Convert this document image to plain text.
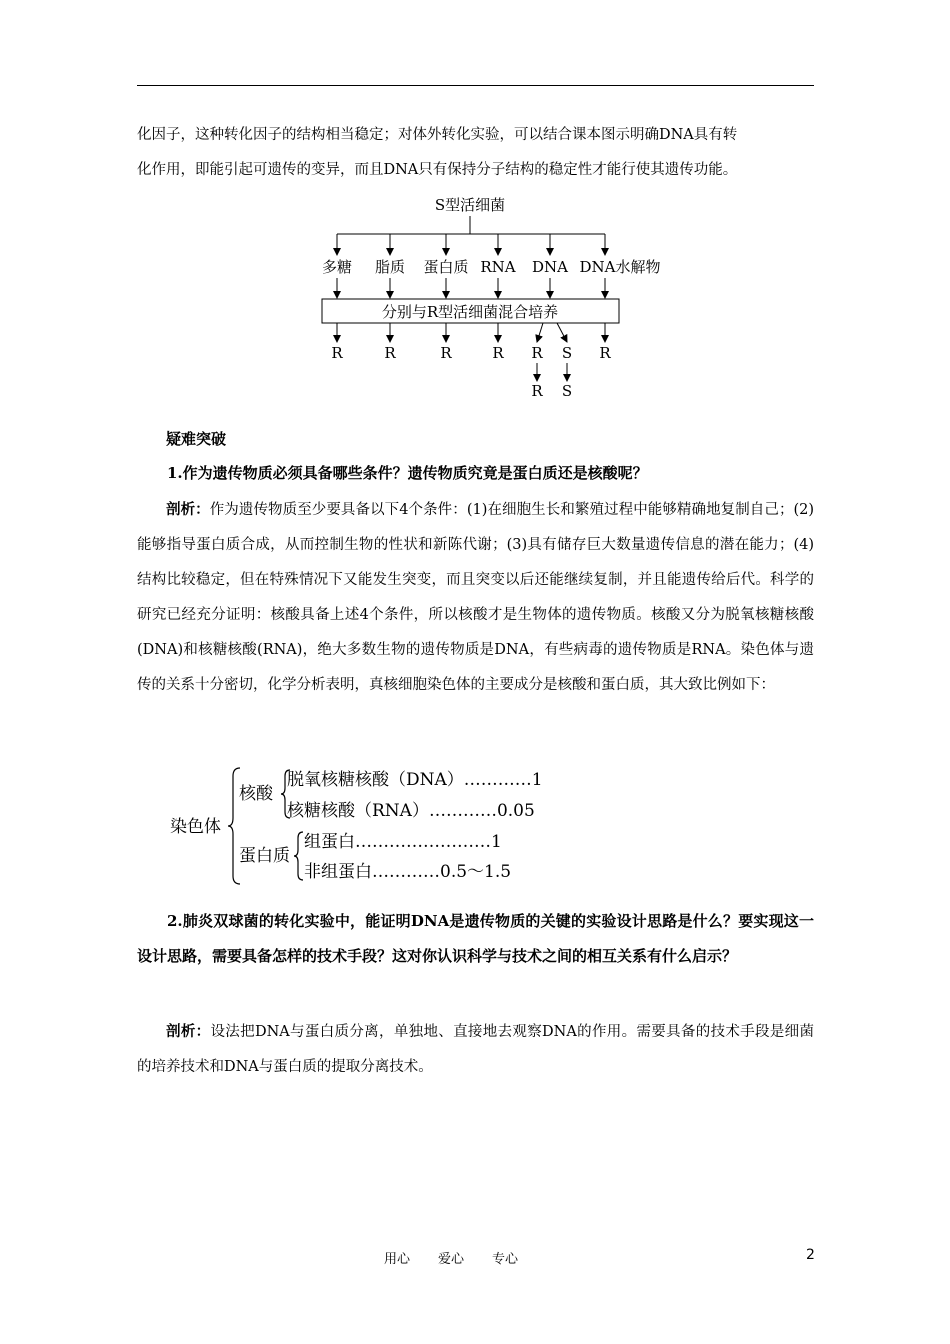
化因子，这种转化因子的结构相当稳定；对体外转化实验，可以结合课本图示明确DNA具有转

化作用，即能引起可遗传的变异，而且DNA只有保持分子结构的稳定性才能行使其遗传功能。

S型活细菌
多糖 脂质 蛋白质 RNA DNA DNA水解物
分别与R型活细菌混合培养
R	R	R	R R S R
R S
疑难突破

1.作为遗传物质必须具备哪些条件？遗传物质究竟是蛋白质还是核酸呢？

剖析：作为遗传物质至少要具备以下4个条件：(1)在细胞生长和繁殖过程中能够精确地复制自己；(2)能够指导蛋白质合成，从而控制生物的性状和新陈代谢；(3)具有储存巨大数量遗传信息的潜在能力；(4)结构比较稳定，但在特殊情况下又能发生突变，而且突变以后还能继续复制，并且能遗传给后代。科学的研究已经充分证明：核酸具备上述4个条件，所以核酸才是生物体的遗传物质。核酸又分为脱氧核糖核酸(DNA)和核糖核酸(RNA)，绝大多数生物的遗传物质是DNA，有些病毒的遗传物质是RNA。染色体与遗传的关系十分密切，化学分析表明，真核细胞染色体的主要成分是核酸和蛋白质，其大致比例如下：

染色体
核酸
脱氧核糖核酸（DNA）…………1
核糖核酸（RNA）…………0.05
蛋白质
组蛋白……………………1
非组蛋白…………0.5～1.5

2.肺炎双球菌的转化实验中，能证明DNA是遗传物质的关键的实验设计思路是什么？要实现这一设计思路，需要具备怎样的技术手段？这对你认识科学与技术之间的相互关系有什么启示？

剖析：设法把DNA与蛋白质分离，单独地、直接地去观察DNA的作用。需要具备的技术手段是细菌的培养技术和DNA与蛋白质的提取分离技术。

用心 爱心 专心	2
